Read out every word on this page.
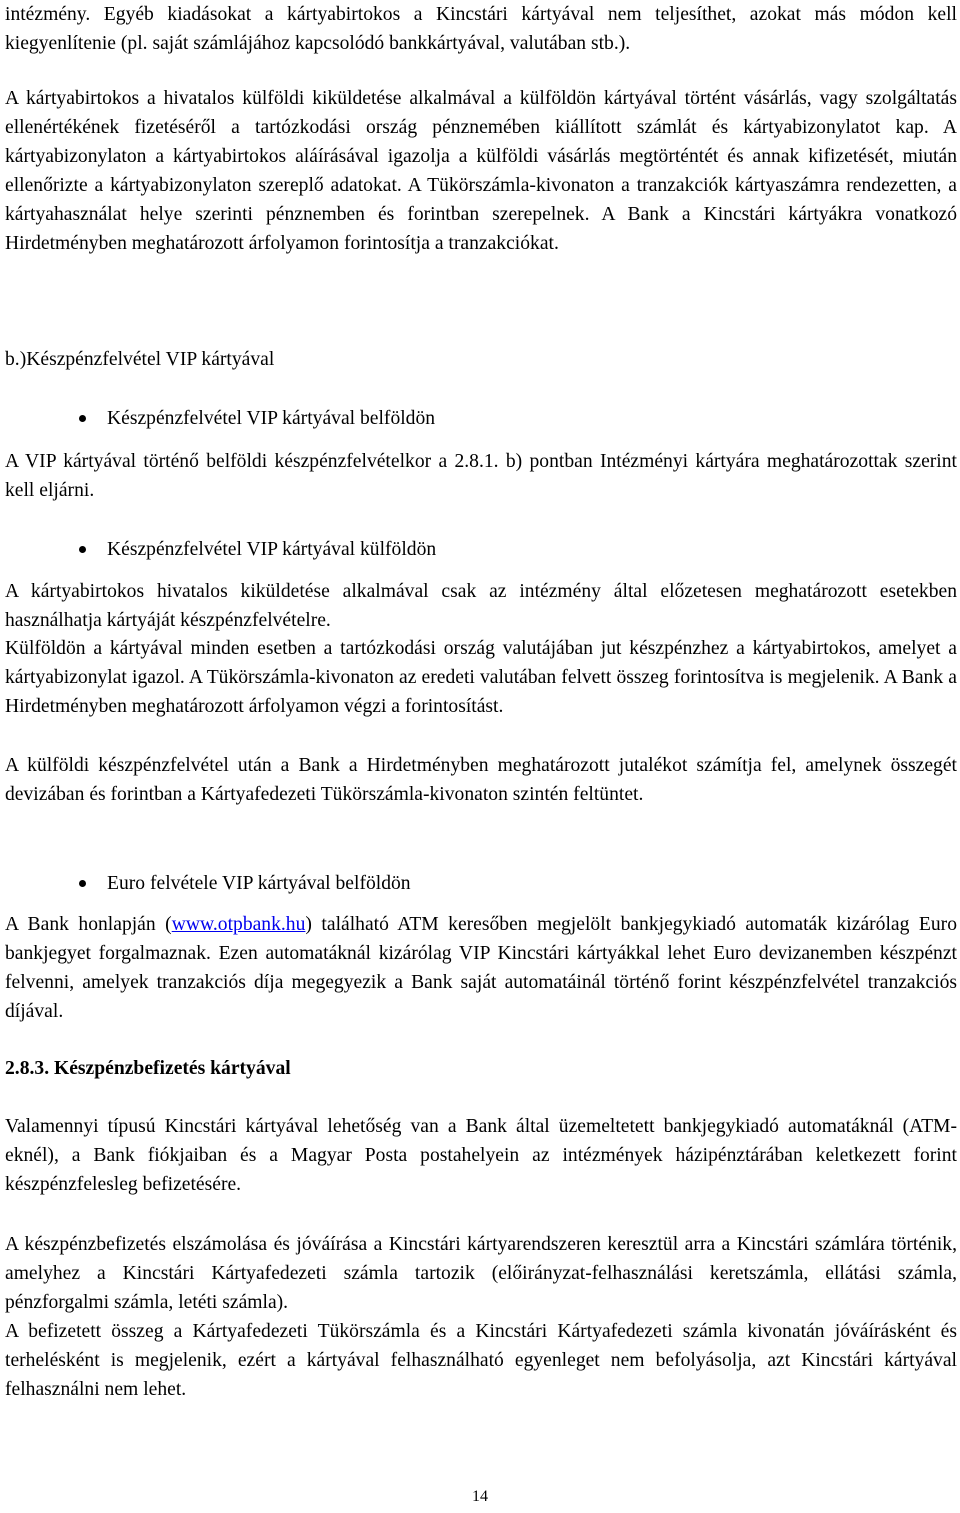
intézmény. Egyéb kiadásokat a kártyabirtokos a Kincstári kártyával nem teljesíthet, azokat más módon kell kiegyenlítenie (pl. saját számlájához kapcsolódó bankkártyával, valutában stb.).

A kártyabirtokos a hivatalos külföldi kiküldetése alkalmával a külföldön kártyával történt vásárlás, vagy szolgáltatás ellenértékének fizetéséről a tartózkodási ország pénznemében kiállított számlát és kártyabizonylatot kap. A kártyabizonylaton a kártyabirtokos aláírásával igazolja a külföldi vásárlás megtörténtét és annak kifizetését, miután ellenőrizte a kártyabizonylaton szereplő adatokat. A Tükörszámla-kivonaton a tranzakciók kártyaszámra rendezetten, a kártyahasználat helye szerinti pénznemben és forintban szerepelnek. A Bank a Kincstári kártyákra vonatkozó Hirdetményben meghatározott árfolyamon forintosítja a tranzakciókat.

b.)Készpénzfelvétel VIP kártyával

Készpénzfelvétel VIP kártyával belföldön

A VIP kártyával történő belföldi készpénzfelvételkor a 2.8.1. b) pontban Intézményi kártyára meghatározottak szerint kell eljárni.

Készpénzfelvétel VIP kártyával külföldön

A kártyabirtokos hivatalos kiküldetése alkalmával csak az intézmény által előzetesen meghatározott esetekben használhatja kártyáját készpénzfelvételre.

Külföldön a kártyával minden esetben a tartózkodási ország valutájában jut készpénzhez a kártyabirtokos, amelyet a kártyabizonylat igazol. A Tükörszámla-kivonaton az eredeti valutában felvett összeg forintosítva is megjelenik. A Bank a Hirdetményben meghatározott árfolyamon végzi a forintosítást.

A külföldi készpénzfelvétel után a Bank a Hirdetményben meghatározott jutalékot számítja fel, amelynek összegét devizában és forintban a Kártyafedezeti Tükörszámla-kivonaton szintén feltüntet.

Euro felvétele VIP kártyával belföldön

A Bank honlapján (www.otpbank.hu) található ATM keresőben megjelölt bankjegykiadó automaták kizárólag Euro bankjegyet forgalmaznak. Ezen automatáknál kizárólag VIP Kincstári kártyákkal lehet Euro devizanemben készpénzt felvenni, amelyek tranzakciós díja megegyezik a Bank saját automatáinál történő forint készpénzfelvétel tranzakciós díjával.

2.8.3. Készpénzbefizetés kártyával

Valamennyi típusú Kincstári kártyával lehetőség van a Bank által üzemeltetett bankjegykiadó automatáknál (ATM-eknél), a Bank fiókjaiban és a Magyar Posta postahelyein az intézmények házipénztárában keletkezett forint készpénzfelesleg befizetésére.

A készpénzbefizetés elszámolása és jóváírása a Kincstári kártyarendszeren keresztül arra a Kincstári számlára történik, amelyhez a Kincstári Kártyafedezeti számla tartozik (előirányzat-felhasználási keretszámla, ellátási számla, pénzforgalmi számla, letéti számla).

A befizetett összeg a Kártyafedezeti Tükörszámla és a Kincstári Kártyafedezeti számla kivonatán jóváírásként és terhelésként is megjelenik, ezért a kártyával felhasználható egyenleget nem befolyásolja, azt Kincstári kártyával felhasználni nem lehet.

14
